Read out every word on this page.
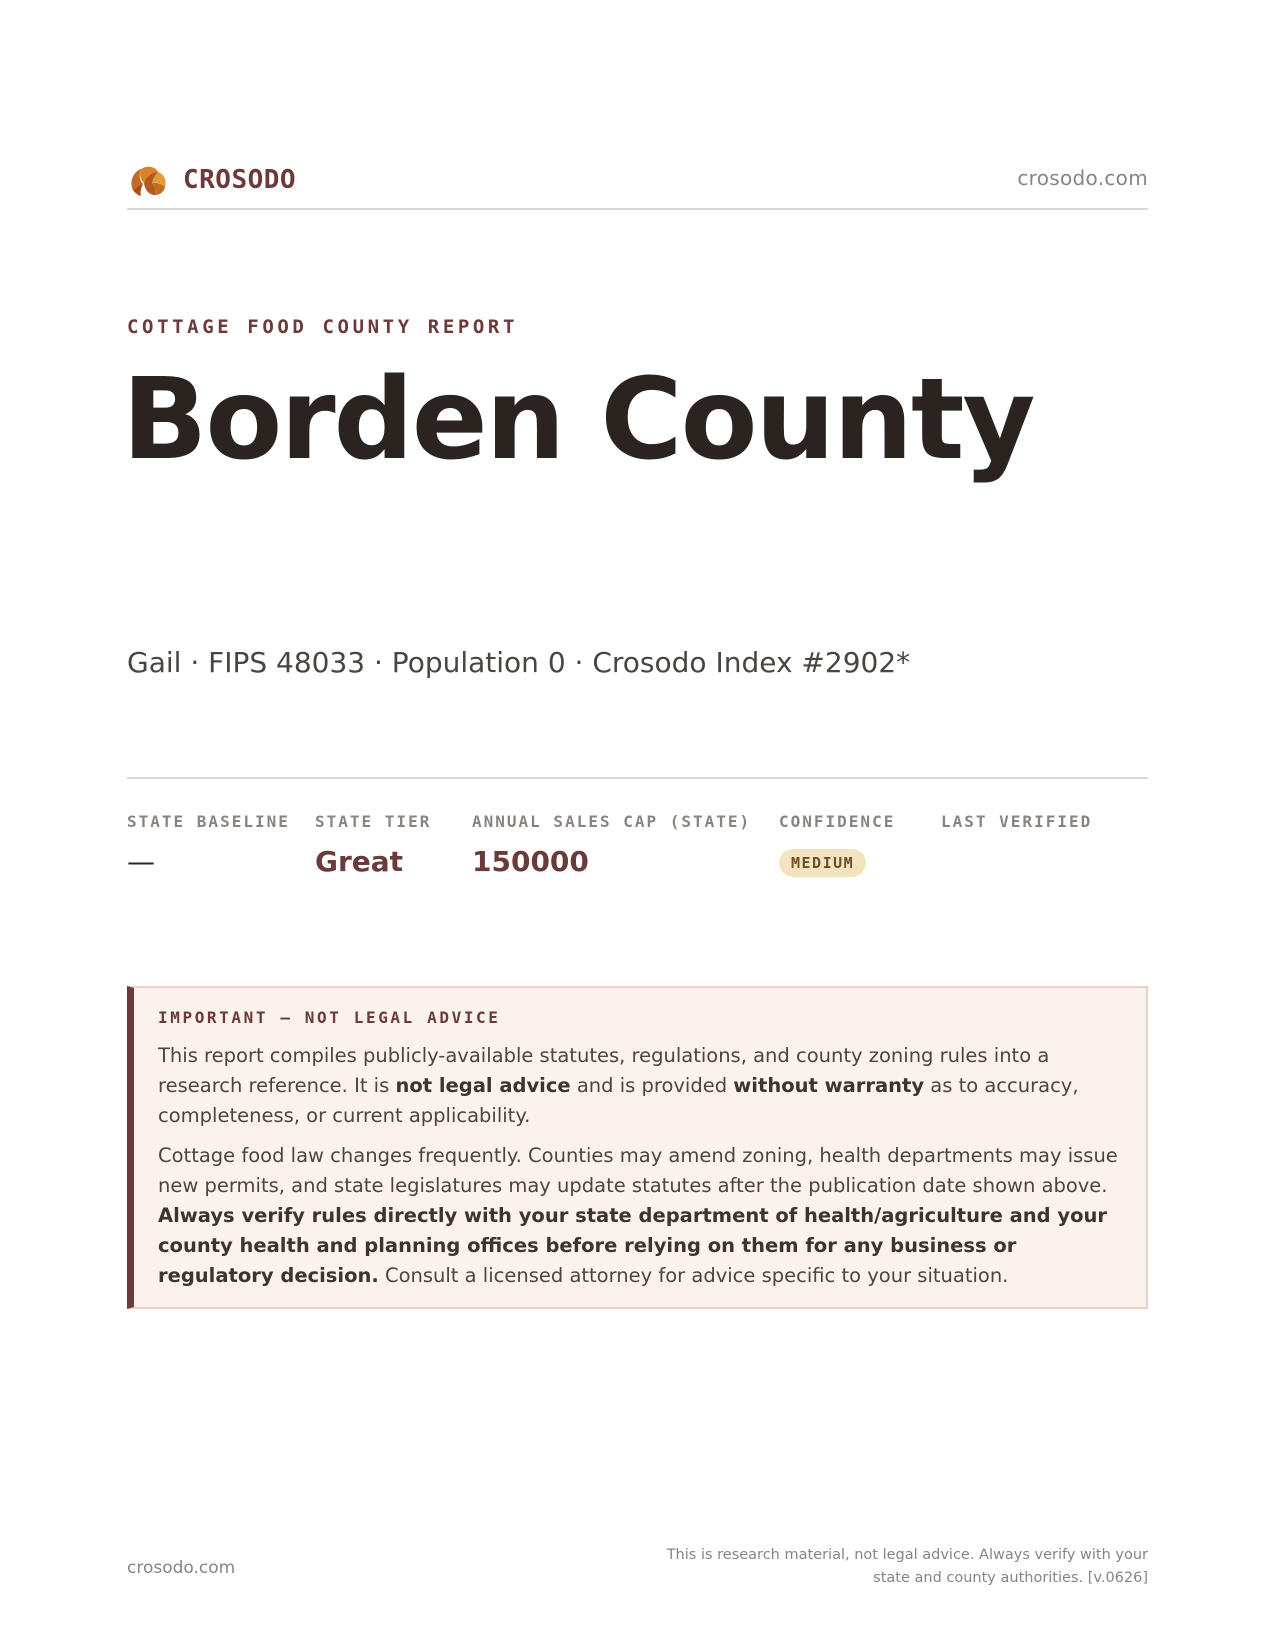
CROSODO	crosodo.com
COTTAGE FOOD COUNTY REPORT
Borden County
Gail · FIPS 48033 · Population 0 · Crosodo Index #2902*
STATE BASELINE
—
STATE TIER
Great
ANNUAL SALES CAP (STATE)
150000
CONFIDENCE
MEDIUM
LAST VERIFIED
IMPORTANT — NOT LEGAL ADVICE

This report compiles publicly-available statutes, regulations, and county zoning rules into a research reference. It is not legal advice and is provided without warranty as to accuracy, completeness, or current applicability.

Cottage food law changes frequently. Counties may amend zoning, health departments may issue new permits, and state legislatures may update statutes after the publication date shown above. Always verify rules directly with your state department of health/agriculture and your county health and planning offices before relying on them for any business or regulatory decision. Consult a licensed attorney for advice specific to your situation.

crosodo.com
This is research material, not legal advice. Always verify with your state and county authorities. [v.0626]
